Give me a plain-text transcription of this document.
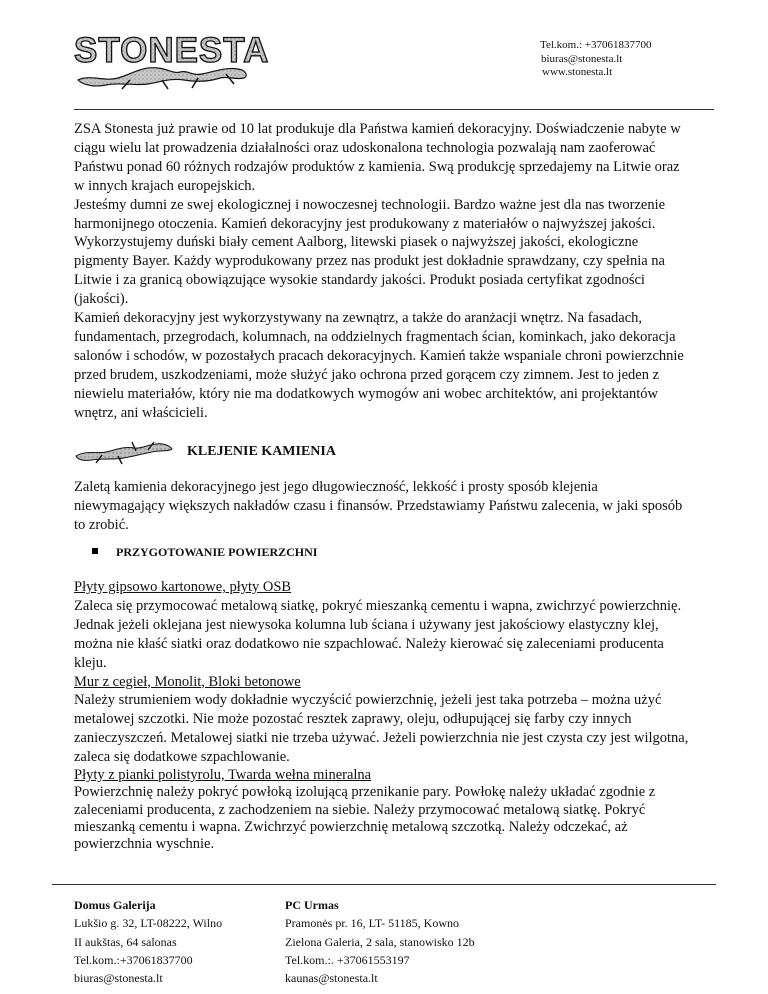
STONESTA	Tel.kom.: +37061837700
biuras@stonesta.lt
www.stonesta.lt
ZSA Stonesta już prawie od 10 lat produkuje dla Państwa kamień dekoracyjny. Doświadczenie nabyte w
ciągu wielu lat prowadzenia działalności oraz udoskonalona technologia pozwalają nam zaoferować
Państwu ponad 60 różnych rodzajów produktów z kamienia. Swą produkcję sprzedajemy na Litwie oraz
w innych krajach europejskich.
Jesteśmy dumni ze swej ekologicznej i nowoczesnej technologii. Bardzo ważne jest dla nas tworzenie
harmonijnego otoczenia. Kamień dekoracyjny jest produkowany z materiałów o najwyższej jakości.
Wykorzystujemy duński biały cement Aalborg, litewski piasek o najwyższej jakości, ekologiczne
pigmenty Bayer. Każdy wyprodukowany przez nas produkt jest dokładnie sprawdzany, czy spełnia na
Litwie i za granicą obowiązujące wysokie standardy jakości. Produkt posiada certyfikat zgodności
(jakości).
Kamień dekoracyjny jest wykorzystywany na zewnątrz, a także do aranżacji wnętrz. Na fasadach,
fundamentach, przegrodach, kolumnach, na oddzielnych fragmentach ścian, kominkach, jako dekoracja
salonów i schodów, w pozostałych pracach dekoracyjnych. Kamień także wspaniale chroni powierzchnie
przed brudem, uszkodzeniami, może służyć jako ochrona przed gorącem czy zimnem. Jest to jeden z
niewielu materiałów, który nie ma dodatkowych wymogów ani wobec architektów, ani projektantów
wnętrz, ani właścicieli.
KLEJENIE KAMIENIA
Zaletą kamienia dekoracyjnego jest jego długowieczność, lekkość i prosty sposób klejenia
niewymagający większych nakładów czasu i finansów. Przedstawiamy Państwu zalecenia, w jaki sposób
to zrobić.
PRZYGOTOWANIE POWIERZCHNI
Płyty gipsowo kartonowe, płyty OSB
Zaleca się przymocować metalową siatkę, pokryć mieszanką cementu i wapna, zwichrzyć powierzchnię.
Jednak jeżeli oklejana jest niewysoka kolumna lub ściana i używany jest jakościowy elastyczny klej,
można nie kłaść siatki oraz dodatkowo nie szpachlować. Należy kierować się zaleceniami producenta
kleju.
Mur z cegieł, Monolit, Bloki betonowe
Należy strumieniem wody dokładnie wyczyścić powierzchnię, jeżeli jest taka potrzeba – można użyć
metalowej szczotki. Nie może pozostać resztek zaprawy, oleju, odłupującej się farby czy innych
zanieczyszczeń. Metalowej siatki nie trzeba używać. Jeżeli powierzchnia nie jest czysta czy jest wilgotna,
zaleca się dodatkowe szpachlowanie.
Płyty z pianki polistyrolu, Twarda wełna mineralna
Powierzchnię należy pokryć powłoką izolującą przenikanie pary. Powłokę należy układać zgodnie z
zaleceniami producenta, z zachodzeniem na siebie. Należy przymocować metalową siatkę. Pokryć
mieszanką cementu i wapna. Zwichrzyć powierzchnię metalową szczotką. Należy odczekać, aż
powierzchnia wyschnie.
Domus Galerija
Lukšio g. 32, LT-08222, Wilno
II aukštas, 64 salonas
Tel.kom.:+37061837700
biuras@stonesta.lt
PC Urmas
Pramonės pr. 16, LT- 51185, Kowno
Zielona Galeria, 2 sala, stanowisko 12b
Tel.kom.:. +37061553197
kaunas@stonesta.lt
